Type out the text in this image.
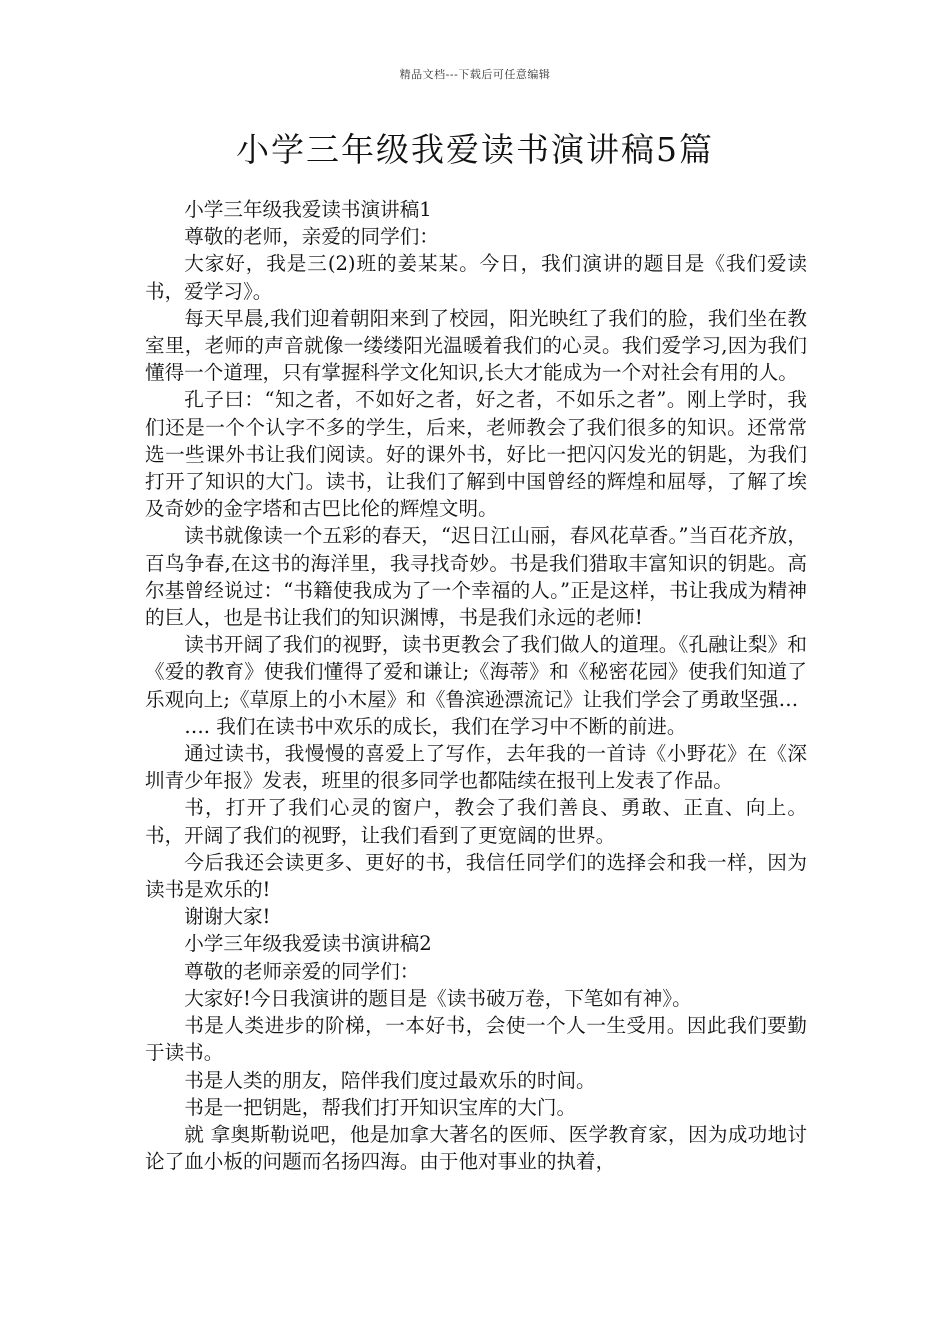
精品文档---下载后可任意编辑
小学三年级我爱读书演讲稿5篇

小学三年级我爱读书演讲稿1

尊敬的老师，亲爱的同学们：

大家好，我是三(2)班的姜某某。今日，我们演讲的题目是《我们爱读书，爱学习》。

每天早晨,我们迎着朝阳来到了校园，阳光映红了我们的脸，我们坐在教室里，老师的声音就像一缕缕阳光温暖着我们的心灵。我们爱学习,因为我们懂得一个道理，只有掌握科学文化知识,长大才能成为一个对社会有用的人。

孔子曰：“知之者，不如好之者，好之者，不如乐之者”。刚上学时，我们还是一个个认字不多的学生，后来，老师教会了我们很多的知识。还常常选一些课外书让我们阅读。好的课外书，好比一把闪闪发光的钥匙，为我们打开了知识的大门。读书，让我们了解到中国曾经的辉煌和屈辱，了解了埃及奇妙的金字塔和古巴比伦的辉煌文明。

读书就像读一个五彩的春天，“迟日江山丽，春风花草香。”当百花齐放，百鸟争春,在这书的海洋里，我寻找奇妙。书是我们猎取丰富知识的钥匙。高尔基曾经说过：“书籍使我成为了一个幸福的人。”正是这样，书让我成为精神的巨人，也是书让我们的知识渊博，书是我们永远的老师!

读书开阔了我们的视野，读书更教会了我们做人的道理。《孔融让梨》和《爱的教育》使我们懂得了爱和谦让;《海蒂》和《秘密花园》使我们知道了乐观向上;《草原上的小木屋》和《鲁滨逊漂流记》让我们学会了勇敢坚强…

…. 我们在读书中欢乐的成长，我们在学习中不断的前进。

通过读书，我慢慢的喜爱上了写作，去年我的一首诗《小野花》在《深圳青少年报》发表，班里的很多同学也都陆续在报刊上发表了作品。

书，打开了我们心灵的窗户，教会了我们善良、勇敢、正直、向上。书，开阔了我们的视野，让我们看到了更宽阔的世界。

今后我还会读更多、更好的书，我信任同学们的选择会和我一样，因为读书是欢乐的!

谢谢大家!

小学三年级我爱读书演讲稿2

尊敬的老师亲爱的同学们：

大家好!今日我演讲的题目是《读书破万卷，下笔如有神》。

书是人类进步的阶梯，一本好书，会使一个人一生受用。因此我们要勤于读书。

书是人类的朋友，陪伴我们度过最欢乐的时间。

书是一把钥匙，帮我们打开知识宝库的大门。

就 拿奥斯勒说吧，他是加拿大著名的医师、医学教育家，因为成功地讨论了血小板的问题而名扬四海。由于他对事业的执着，
